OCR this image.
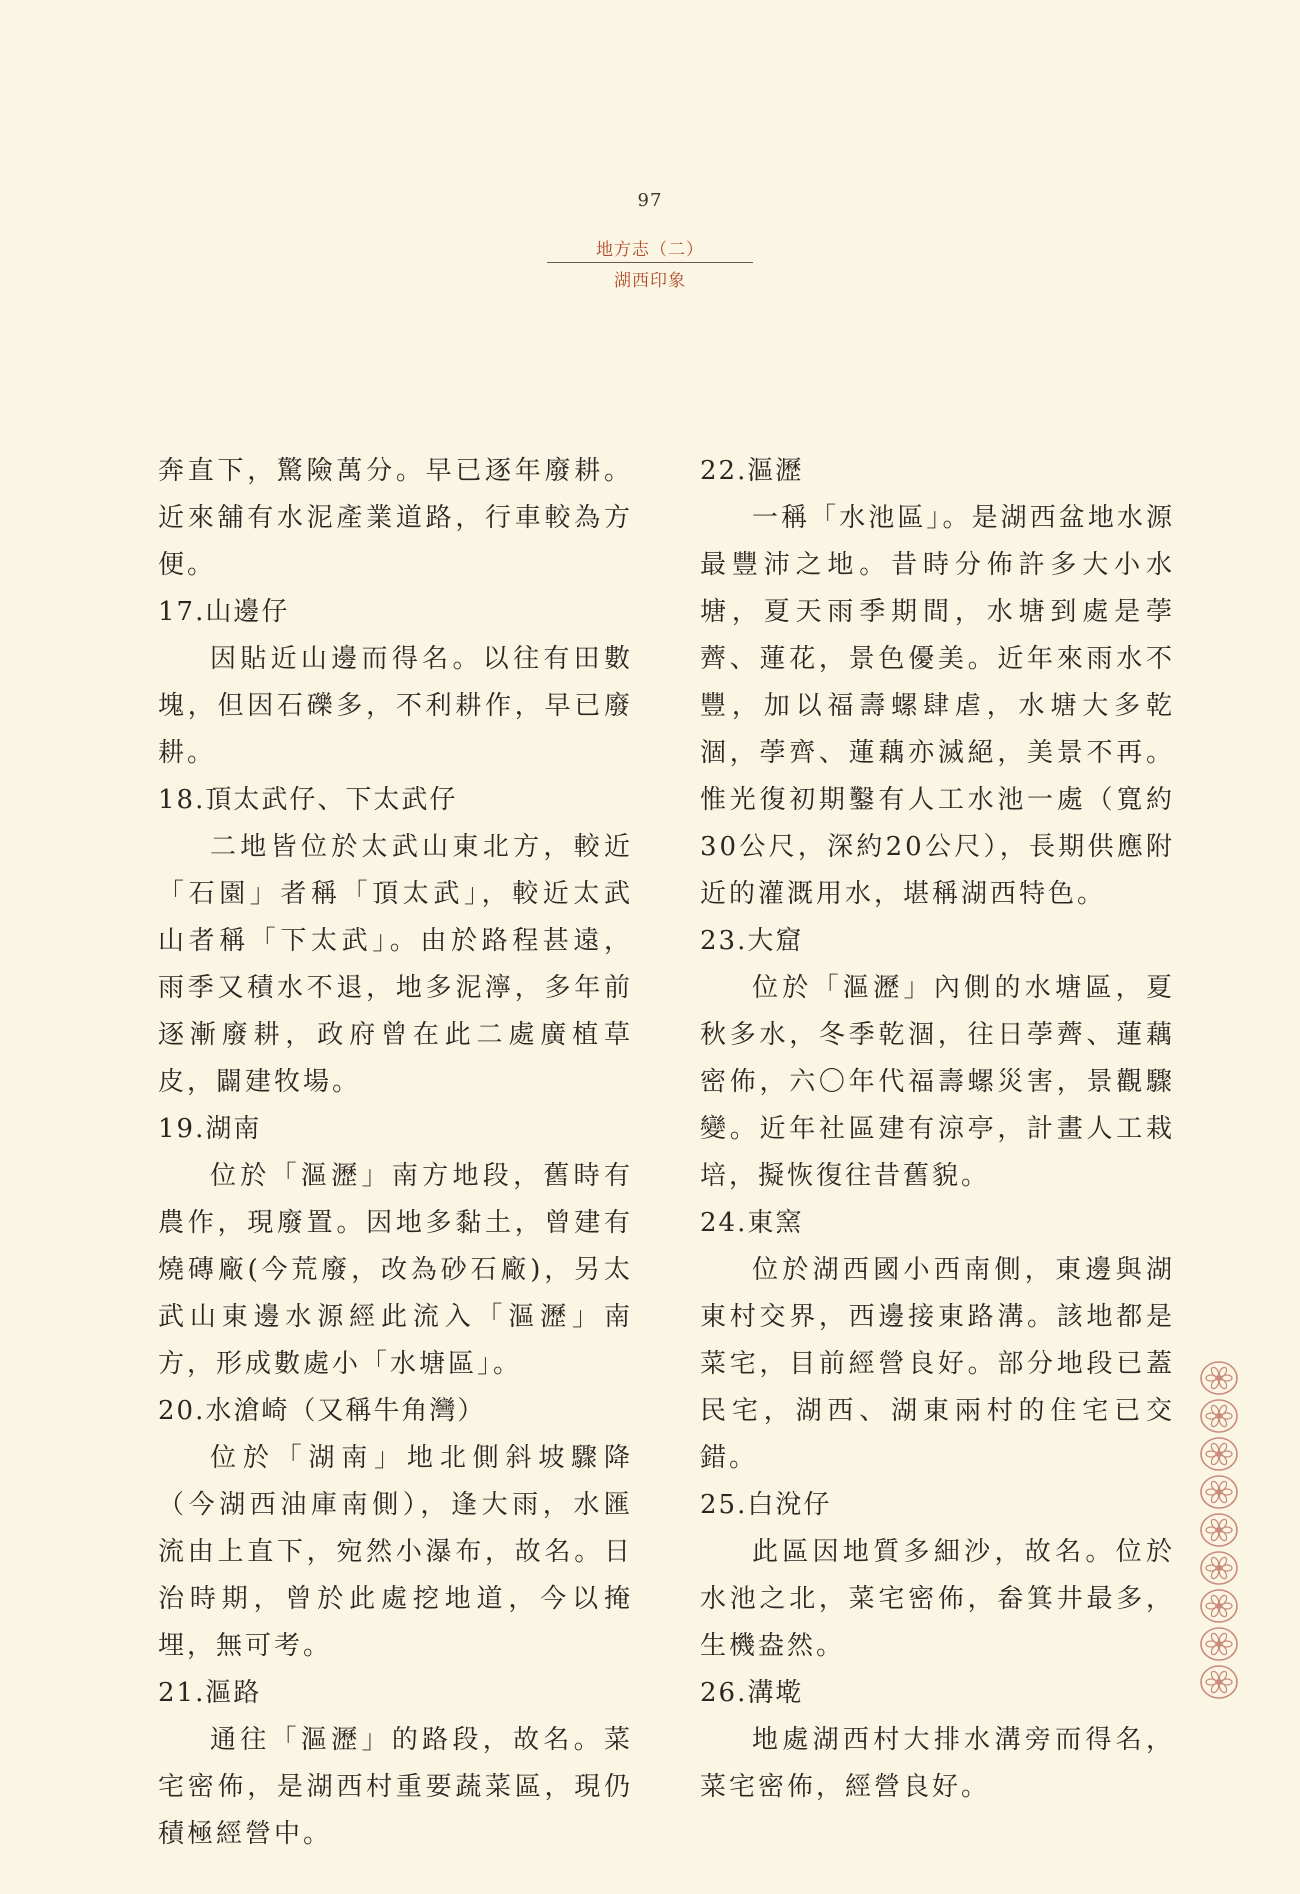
97
地方志（二）
湖西印象

奔直下，驚險萬分。早已逐年廢耕。近來舖有水泥產業道路，行車較為方便。

17.山邊仔

因貼近山邊而得名。以往有田數塊，但因石礫多，不利耕作，早已廢耕。

18.頂太武仔、下太武仔

二地皆位於太武山東北方，較近「石園」者稱「頂太武」，較近太武山者稱「下太武」。由於路程甚遠，雨季又積水不退，地多泥濘，多年前逐漸廢耕，政府曾在此二處廣植草皮，闢建牧場。

19.湖南

位於「漚瀝」南方地段，舊時有農作，現廢置。因地多黏土，曾建有燒磚廠(今荒廢，改為砂石廠)，另太武山東邊水源經此流入「漚瀝」南方，形成數處小「水塘區」。

20.水滄崎（又稱牛角灣）

位於「湖南」地北側斜坡驟降（今湖西油庫南側），逢大雨，水匯流由上直下，宛然小瀑布，故名。日治時期，曾於此處挖地道，今以掩埋，無可考。

21.漚路

通往「漚瀝」的路段，故名。菜宅密佈，是湖西村重要蔬菜區，現仍積極經營中。

22.漚瀝

一稱「水池區」。是湖西盆地水源最豐沛之地。昔時分佈許多大小水塘，夏天雨季期間，水塘到處是荸薺、蓮花，景色優美。近年來雨水不豐，加以福壽螺肆虐，水塘大多乾涸，荸齊、蓮藕亦滅絕，美景不再。惟光復初期鑿有人工水池一處（寬約30公尺，深約20公尺），長期供應附近的灌溉用水，堪稱湖西特色。

23.大窟

位於「漚瀝」內側的水塘區，夏秋多水，冬季乾涸，往日荸薺、蓮藕密佈，六〇年代福壽螺災害，景觀驟變。近年社區建有涼亭，計畫人工栽培，擬恢復往昔舊貌。

24.東窯

位於湖西國小西南側，東邊與湖東村交界，西邊接東路溝。該地都是菜宅，目前經營良好。部分地段已蓋民宅，湖西、湖東兩村的住宅已交錯。

25.白涗仔

此區因地質多細沙，故名。位於水池之北，菜宅密佈，畚箕井最多，生機盎然。

26.溝墘

地處湖西村大排水溝旁而得名，菜宅密佈，經營良好。
